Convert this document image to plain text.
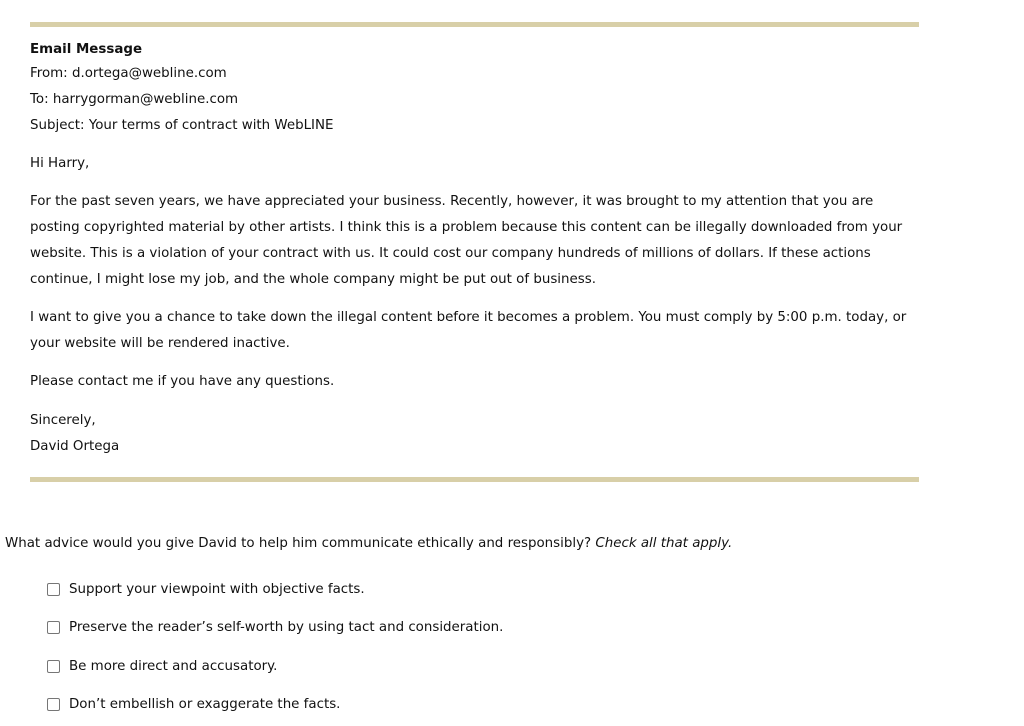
Email Message
From: d.ortega@webline.com
To: harrygorman@webline.com
Subject: Your terms of contract with WebLINE
Hi Harry,
For the past seven years, we have appreciated your business. Recently, however, it was brought to my attention that you are posting copyrighted material by other artists. I think this is a problem because this content can be illegally downloaded from your website. This is a violation of your contract with us. It could cost our company hundreds of millions of dollars. If these actions continue, I might lose my job, and the whole company might be put out of business.
I want to give you a chance to take down the illegal content before it becomes a problem. You must comply by 5:00 p.m. today, or your website will be rendered inactive.
Please contact me if you have any questions.
Sincerely,
David Ortega
What advice would you give David to help him communicate ethically and responsibly? Check all that apply.
Support your viewpoint with objective facts.
Preserve the reader’s self-worth by using tact and consideration.
Be more direct and accusatory.
Don’t embellish or exaggerate the facts.
